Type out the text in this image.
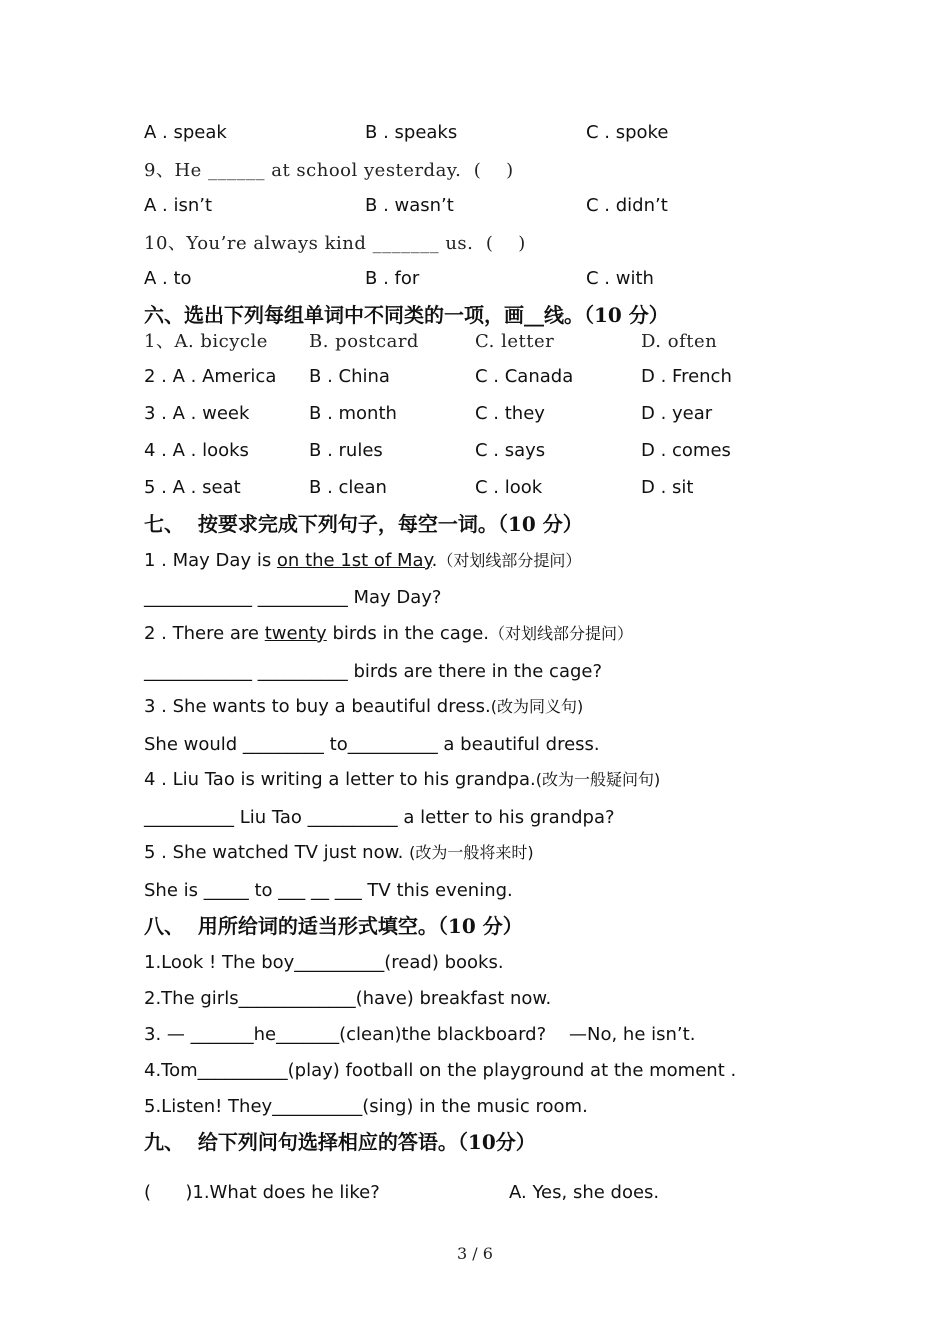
A . speak	B . speaks	C . spoke
9、He ______ at school yesterday.  (    )
A . isn’t	B . wasn’t	C . didn’t
10、You’re always kind _______ us.  (    )
A . to	B . for	C . with
六、选出下列每组单词中不同类的一项，画__线。（10 分）
1、A. bicycle B. postcard	C. letter	D. often
2 . A . America B . China	C . Canada	D . French
3 . A . week	B . month	C . they	D . year
4 . A . looks	B . rules	C . says	D . comes
5 . A . seat	B . clean	C . look	D . sit
七、  按要求完成下列句子，每空一词。（10 分）
1 . May Day is on the 1st of May.（对划线部分提问）
____________ __________ May Day?
2 . There are twenty birds in the cage.（对划线部分提问）
____________ __________ birds are there in the cage?
3 . She wants to buy a beautiful dress.(改为同义句)
She would _________ to__________ a beautiful dress.
4 . Liu Tao is writing a letter to his grandpa.(改为一般疑问句)
__________ Liu Tao __________ a letter to his grandpa?
5 . She watched TV just now. (改为一般将来时)
She is _____ to ___ __ ___ TV this evening.
八、  用所给词的适当形式填空。（10 分）
1.Look ! The boy__________(read) books.
2.The girls_____________(have) breakfast now.
3. — _______he_______(clean)the blackboard?    —No, he isn’t.
4.Tom__________(play) football on the playground at the moment .
5.Listen! They__________(sing) in the music room.
九、  给下列问句选择相应的答语。（10分）
(      )1.What does he like?	A. Yes, she does.
3 / 6
